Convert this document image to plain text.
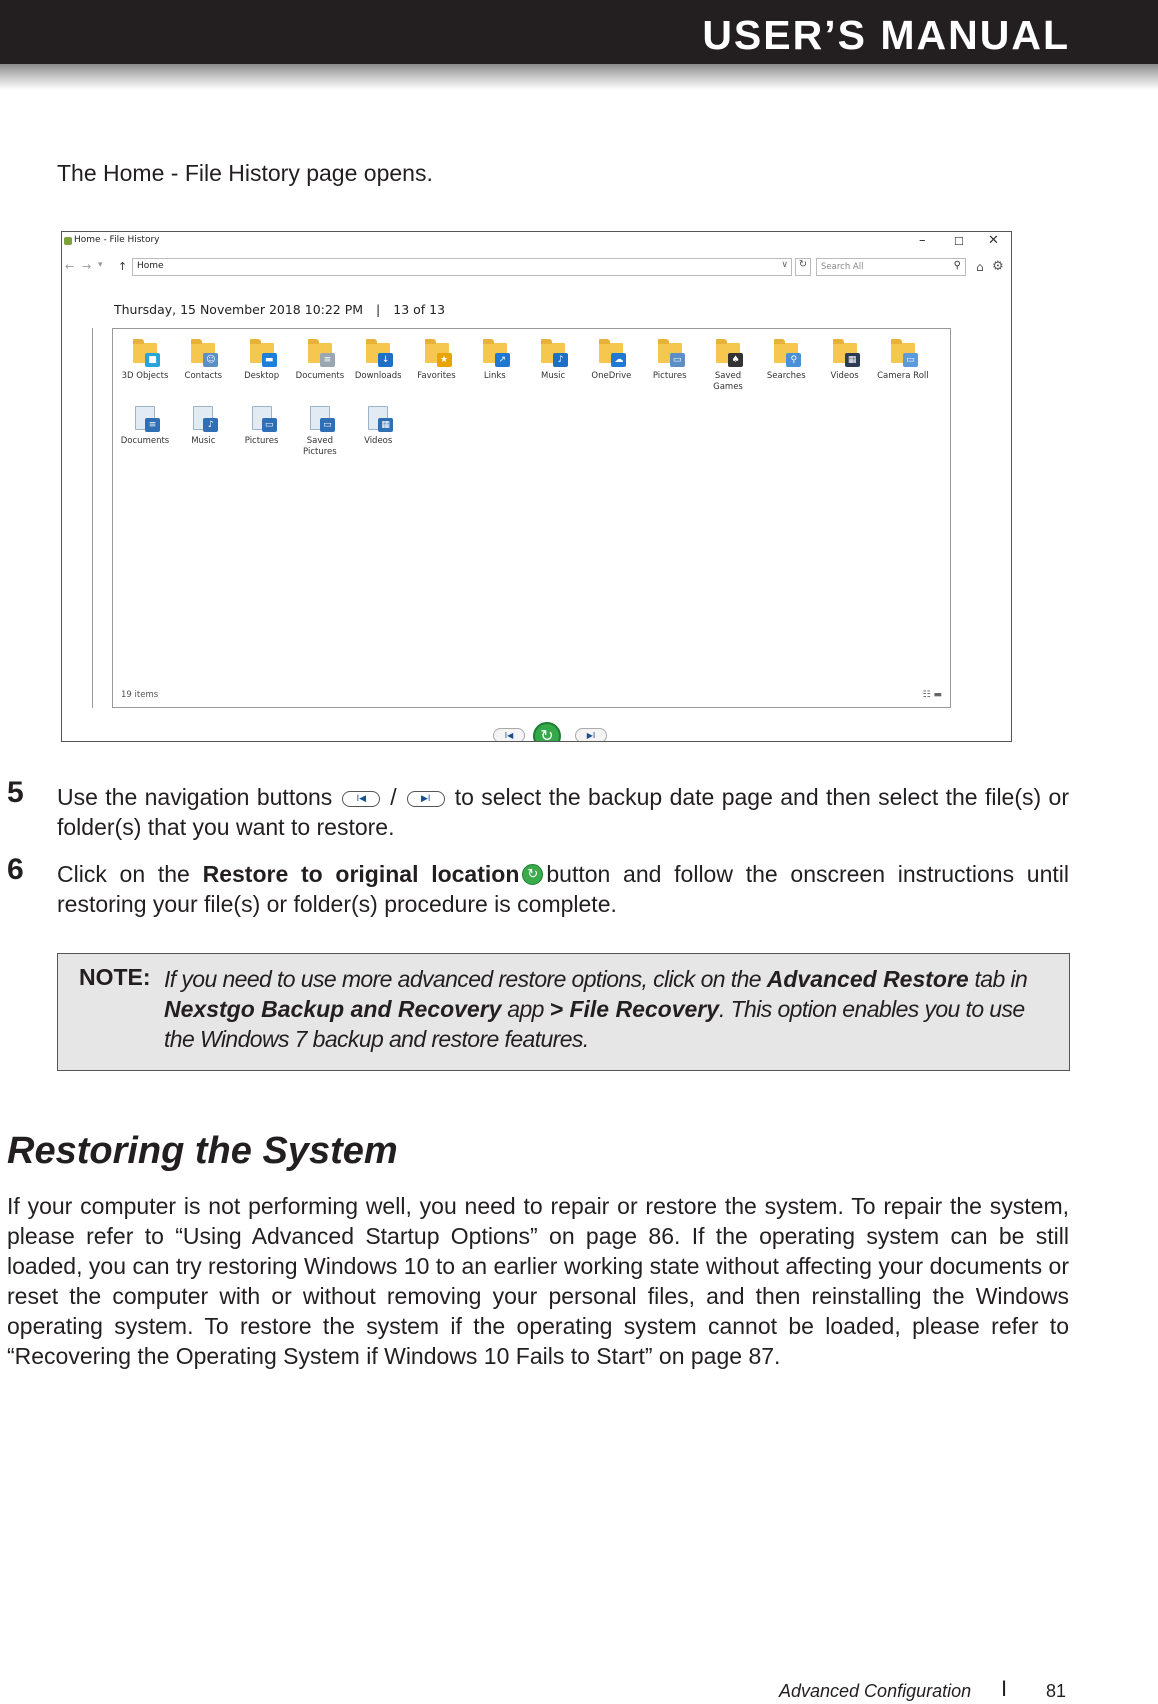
USER’S MANUAL
The Home - File History page opens.
Home - File History	–	☐ ✕
← → ▾ ↑	Home	∨	↻	Search All	⚲ ⌂ ⚙
Thursday, 15 November 2018 10:22 PM | 13 of 13
■
3D Objects
☺
Contacts
▬
Desktop
≡
Documents
↓
Downloads
★
Favorites
↗
Links
♪
Music
☁
OneDrive
▭
Pictures
♠
Saved Games
⚲
Searches
▦
Videos
▭
Camera Roll
≡
Documents
♪
Music
▭
Pictures
▭
Saved Pictures
▦
Videos
19 items	☷ ▬
I◀	↻	▶I
5 Use the navigation buttons	I◀ /	▶I to select the backup date page and then select the file(s) or folder(s) that you want to restore.
6 Click on the Restore to original location ↻ button and follow the onscreen instructions until restoring your file(s) or folder(s) procedure is complete.
NOTE: If you need to use more advanced restore options, click on the Advanced Restore tab in Nexstgo Backup and Recovery app > File Recovery. This option enables you to use the Windows 7 backup and restore features.
Restoring the System
If your computer is not performing well, you need to repair or restore the system. To repair the system, please refer to “Using Advanced Startup Options” on page 86. If the operating system can be still loaded, you can try restoring Windows 10 to an earlier working state without affecting your documents or reset the computer with or without removing your personal files, and then reinstalling the Windows operating system. To restore the system if the operating system cannot be loaded, please refer to “Recovering the Operating System if Windows 10 Fails to Start” on page 87.
Advanced Configuration I 81
